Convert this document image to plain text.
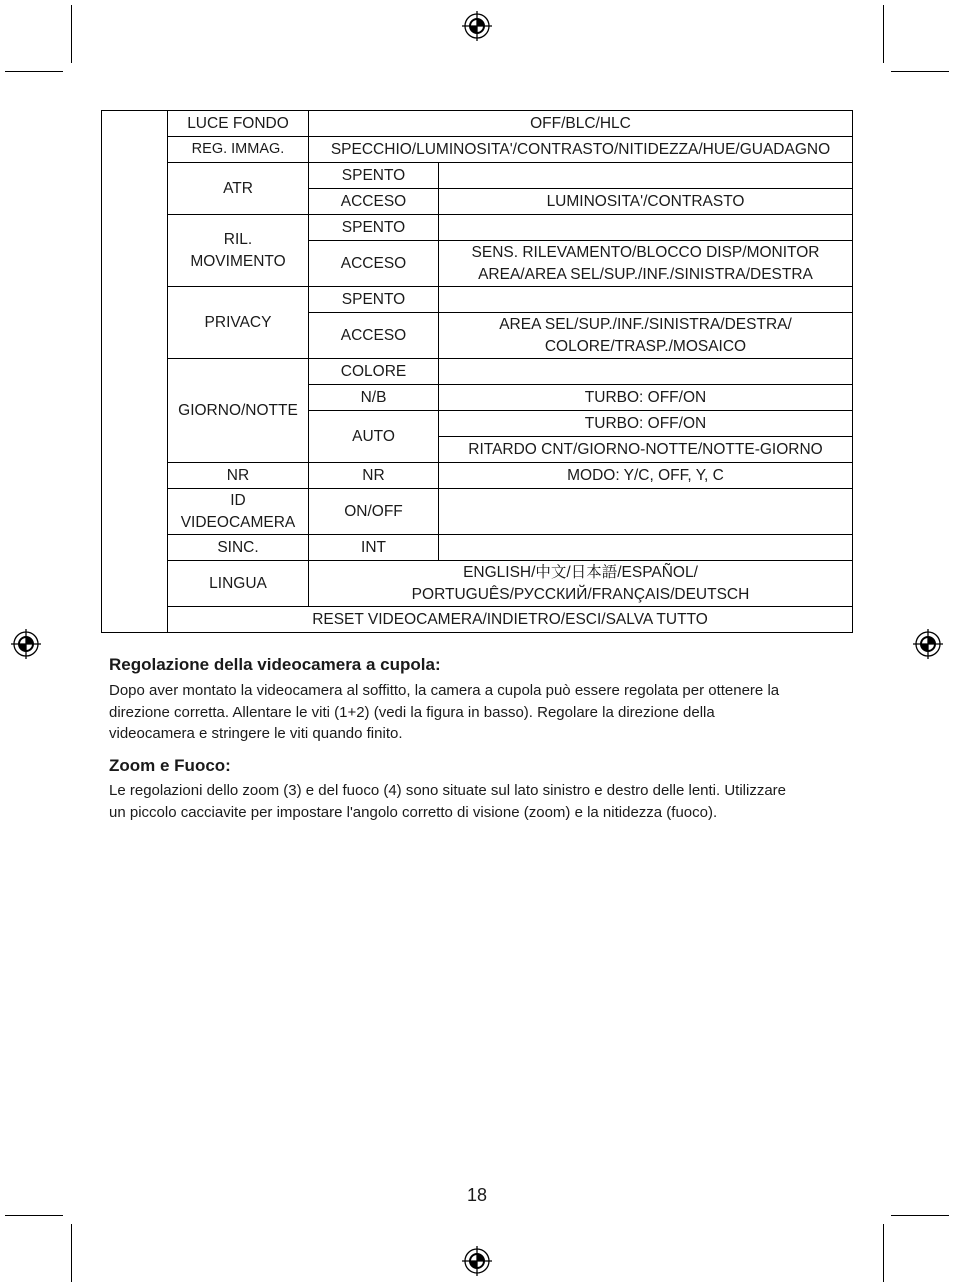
	LUCE FONDO	OFF/BLC/HLC	
	REG. IMMAG.	SPECCHIO/LUMINOSITA'/CONTRASTO/NITIDEZZA/HUE/GUADAGNO	
	ATR	SPENTO	
		ACCESO	LUMINOSITA'/CONTRASTO

	RIL.
MOVIMENTO	SPENTO	
		ACCESO	SENS. RILEVAMENTO/BLOCCO DISP/MONITOR
AREA/AREA SEL/SUP./INF./SINISTRA/DESTRA

	PRIVACY	SPENTO	
		ACCESO	AREA SEL/SUP./INF./SINISTRA/DESTRA/
COLORE/TRASP./MOSAICO

	GIORNO/NOTTE	COLORE	
		N/B	TURBO: OFF/ON
		AUTO	TURBO: OFF/ON
			RITARDO CNT/GIORNO-NOTTE/NOTTE-GIORNO
	NR	NR	MODO: Y/C, OFF, Y, C

	ID
VIDEOCAMERA	ON/OFF	
	SINC.	INT	
	LINGUA	ENGLISH/中文/日本語/ESPAÑOL/
PORTUGUÊS/РУССКИЙ/FRANÇAIS/DEUTSCH	

	RESET VIDEOCAMERA/INDIETRO/ESCI/SALVA TUTTO		
Regolazione della videocamera a cupola:

Dopo aver montato la videocamera al soffitto, la camera a cupola può essere regolata per ottenere la
direzione corretta. Allentare le viti (1+2) (vedi la figura in basso). Regolare la direzione della
videocamera e stringere le viti quando finito.

Zoom e Fuoco:

Le regolazioni dello zoom (3) e del fuoco (4) sono situate sul lato sinistro e destro delle lenti. Utilizzare
un piccolo cacciavite per impostare l'angolo corretto di visione (zoom) e la nitidezza (fuoco).

18
